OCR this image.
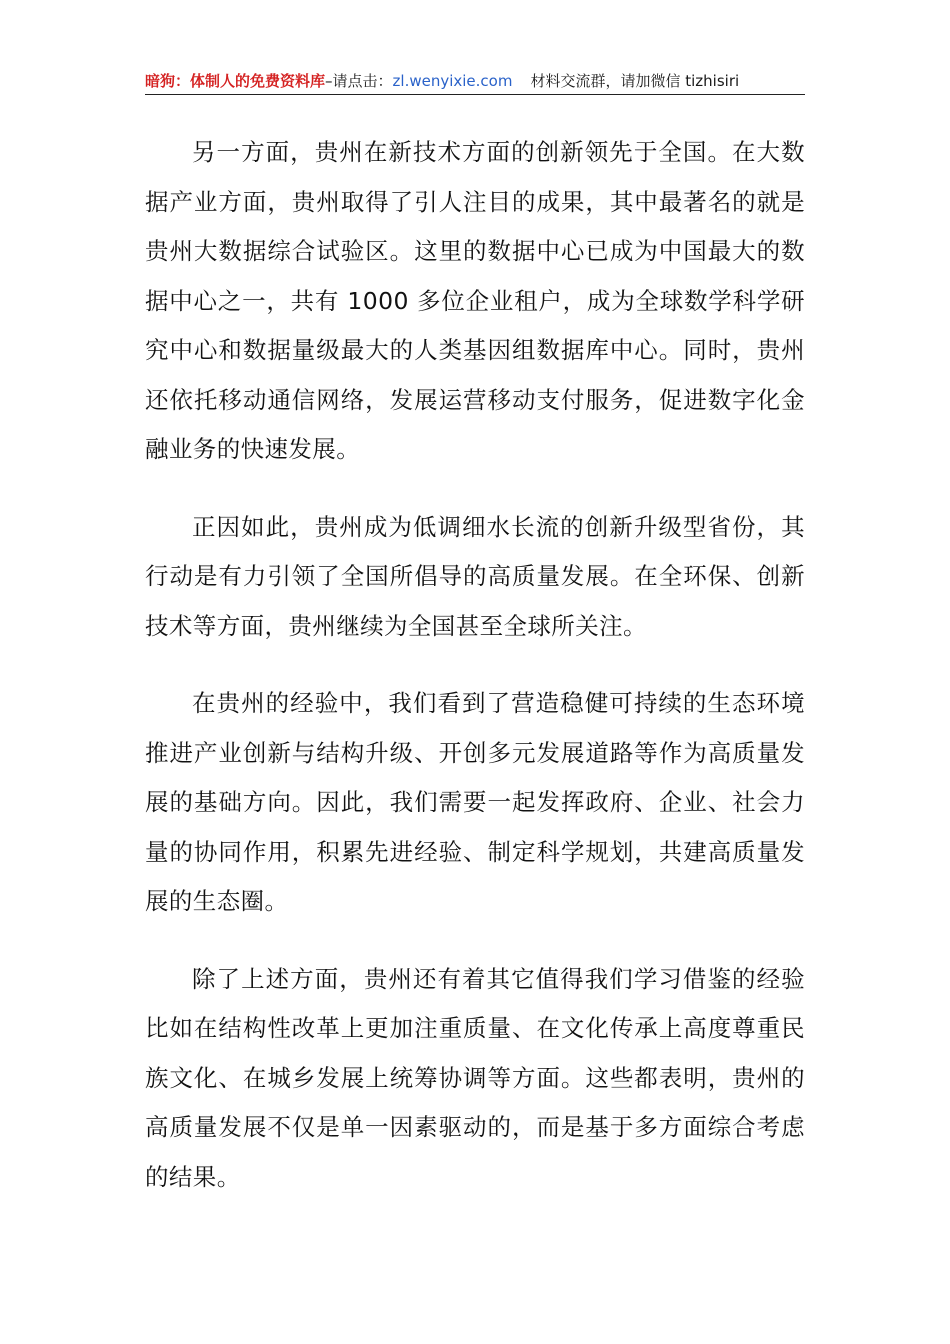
暗狗：体制人的免费资料库–请点击：zl.wenyixie.com 材料交流群，请加微信 tizhisiri

另一方面，贵州在新技术方面的创新领先于全国。在大数据产业方面，贵州取得了引人注目的成果，其中最著名的就是贵州大数据综合试验区。这里的数据中心已成为中国最大的数据中心之一，共有 1000 多位企业租户，成为全球数学科学研究中心和数据量级最大的人类基因组数据库中心。同时，贵州还依托移动通信网络，发展运营移动支付服务，促进数字化金融业务的快速发展。

正因如此，贵州成为低调细水长流的创新升级型省份，其行动是有力引领了全国所倡导的高质量发展。在全环保、创新技术等方面，贵州继续为全国甚至全球所关注。

在贵州的经验中，我们看到了营造稳健可持续的生态环境推进产业创新与结构升级、开创多元发展道路等作为高质量发展的基础方向。因此，我们需要一起发挥政府、企业、社会力量的协同作用，积累先进经验、制定科学规划，共建高质量发展的生态圈。

除了上述方面，贵州还有着其它值得我们学习借鉴的经验比如在结构性改革上更加注重质量、在文化传承上高度尊重民族文化、在城乡发展上统筹协调等方面。这些都表明，贵州的高质量发展不仅是单一因素驱动的，而是基于多方面综合考虑的结果。
